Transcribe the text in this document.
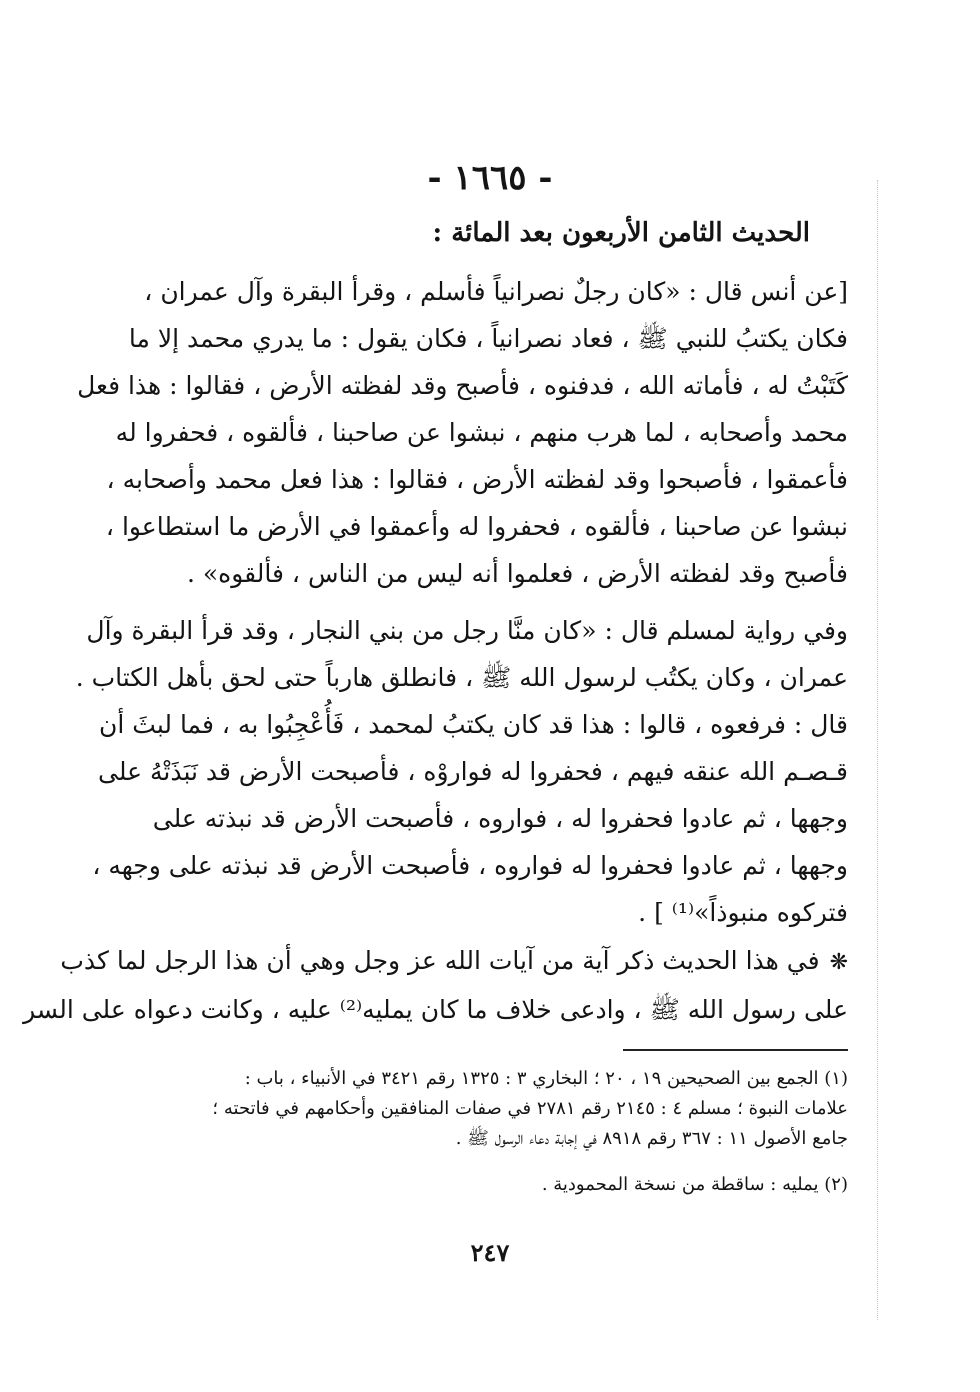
- ١٦٦٥ -
الحديث الثامن الأربعون بعد المائة :
[عن أنس قال : «كان رجلٌ نصرانياً فأسلم ، وقرأ البقرة وآل عمران ،
فكان يكتبُ للنبي ﷺ ، فعاد نصرانياً ، فكان يقول : ما يدري محمد إلا ما
كَتَبْتُ له ، فأماته الله ، فدفنوه ، فأصبح وقد لفظته الأرض ، فقالوا : هذا فعل
محمد وأصحابه ، لما هرب منهم ، نبشوا عن صاحبنا ، فألقوه ، فحفروا له
فأعمقوا ، فأصبحوا وقد لفظته الأرض ، فقالوا : هذا فعل محمد وأصحابه ،
نبشوا عن صاحبنا ، فألقوه ، فحفروا له وأعمقوا في الأرض ما استطاعوا ،
فأصبح وقد لفظته الأرض ، فعلموا أنه ليس من الناس ، فألقوه» .
وفي رواية لمسلم قال : «كان منَّا رجل من بني النجار ، وقد قرأ البقرة وآل
عمران ، وكان يكتُب لرسول الله ﷺ ، فانطلق هارباً حتى لحق بأهل الكتاب .
قال : فرفعوه ، قالوا : هذا قد كان يكتبُ لمحمد ، فَأُعْجِبُوا به ، فما لبثَ أن
قـصـم الله عنقه فيهم ، فحفروا له فواروْه ، فأصبحت الأرض قد نَبَذَتْهُ على
وجهها ، ثم عادوا فحفروا له ، فواروه ، فأصبحت الأرض قد نبذته على
وجهها ، ثم عادوا فحفروا له فواروه ، فأصبحت الأرض قد نبذته على وجهه ،
فتركوه منبوذاً»⁽¹⁾ ] .
❋في هذا الحديث ذكر آية من آيات الله عز وجل وهي أن هذا الرجل لما كذب
على رسول الله ﷺ ، وادعى خلاف ما كان يمليه⁽²⁾ عليه ، وكانت دعواه على السر
(١) الجمع بين الصحيحين ١٩ ، ٢٠ ؛ البخاري ٣ : ١٣٢٥ رقم ٣٤٢١ في الأنبياء ، باب :
علامات النبوة ؛ مسلم ٤ : ٢١٤٥ رقم ٢٧٨١ في صفات المنافقين وأحكامهم في فاتحته ؛
جامع الأصول ١١ : ٣٦٧ رقم ٨٩١٨ في إجابة دعاء الرسول ﷺ .
(٢) يمليه : ساقطة من نسخة المحمودية .
٢٤٧
